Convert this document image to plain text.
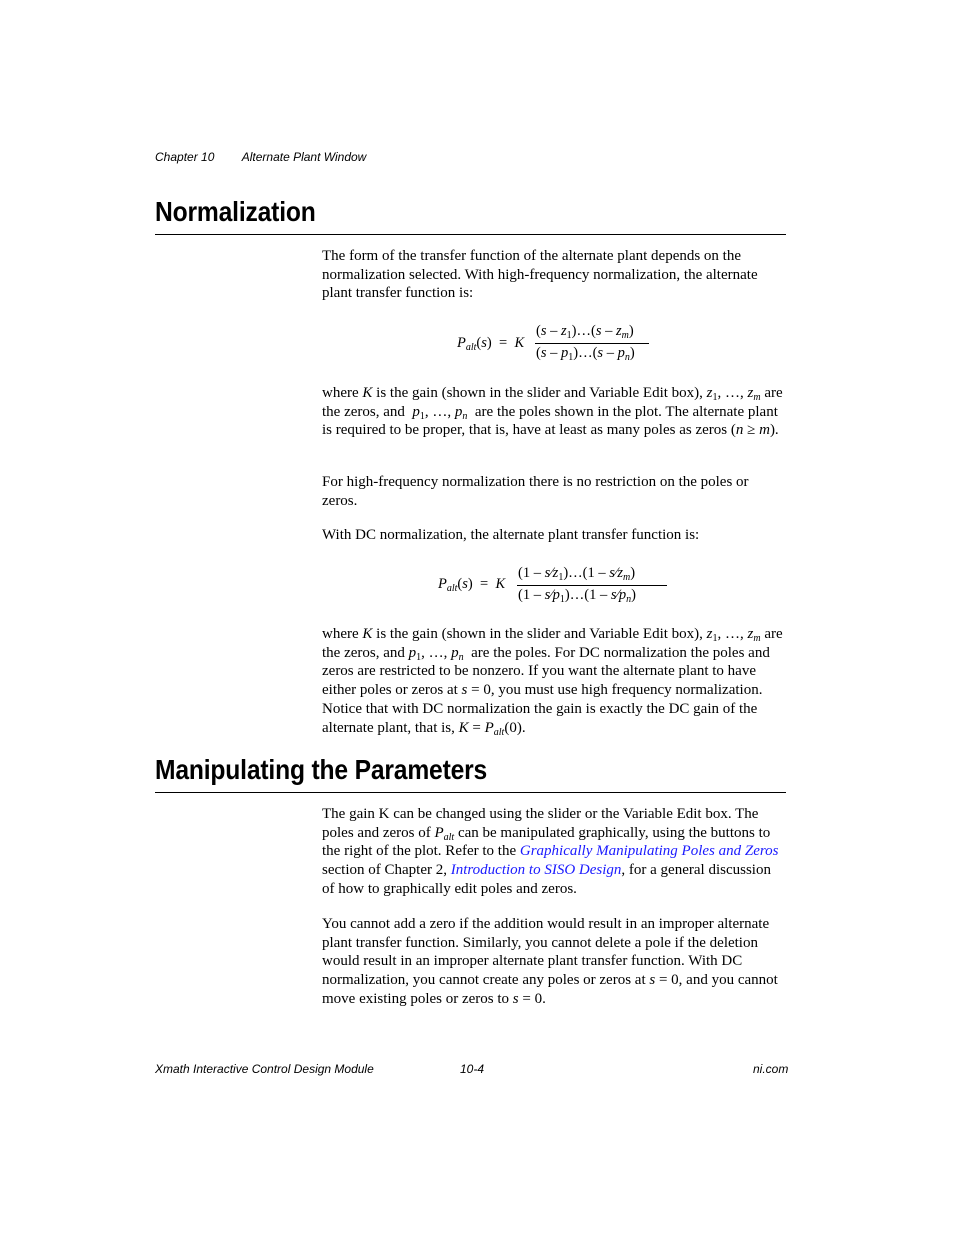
Chapter 10 Alternate Plant Window
Normalization

The form of the transfer function of the alternate plant depends on the normalization selected. With high-frequency normalization, the alternate plant transfer function is:

$P_{alt}(s) = K$
$(s - z_1)\dots(s - z_m)$
$(s - p_1)\dots(s - p_n)$

where K is the gain (shown in the slider and Variable Edit box), $z_1$, …, $z_m$ are the zeros, and  $p_1$, …, $p_n$  are the poles shown in the plot. The alternate plant is required to be proper, that is, have at least as many poles as zeros (n ≥ m).

For high-frequency normalization there is no restriction on the poles or zeros.

With DC normalization, the alternate plant transfer function is:

$P_{alt}(s) = K$
$(1 - s⁄z_1)\dots(1$ – $s⁄z_m$)
$(1 - s⁄p_1)\dots(1$ – $s⁄p_n$)

where K is the gain (shown in the slider and Variable Edit box), $z_1$, …, $z_m$ are the zeros, and $p_1$, …, $p_n$  are the poles. For DC normalization the poles and zeros are restricted to be nonzero. If you want the alternate plant to have either poles or zeros at s = 0, you must use high frequency normalization. Notice that with DC normalization the gain is exactly the DC gain of the alternate plant, that is, $K = P_{alt}(0)$.

Manipulating the Parameters

The gain K can be changed using the slider or the Variable Edit box. The poles and zeros of $P_{alt}$ can be manipulated graphically, using the buttons to the right of the plot. Refer to the Graphically Manipulating Poles and Zeros section of Chapter 2, Introduction to SISO Design, for a general discussion of how to graphically edit poles and zeros.

You cannot add a zero if the addition would result in an improper alternate plant transfer function. Similarly, you cannot delete a pole if the deletion would result in an improper alternate plant transfer function. With DC normalization, you cannot create any poles or zeros at s = 0, and you cannot move existing poles or zeros to s = 0.

Xmath Interactive Control Design Module	10-4	ni.com
